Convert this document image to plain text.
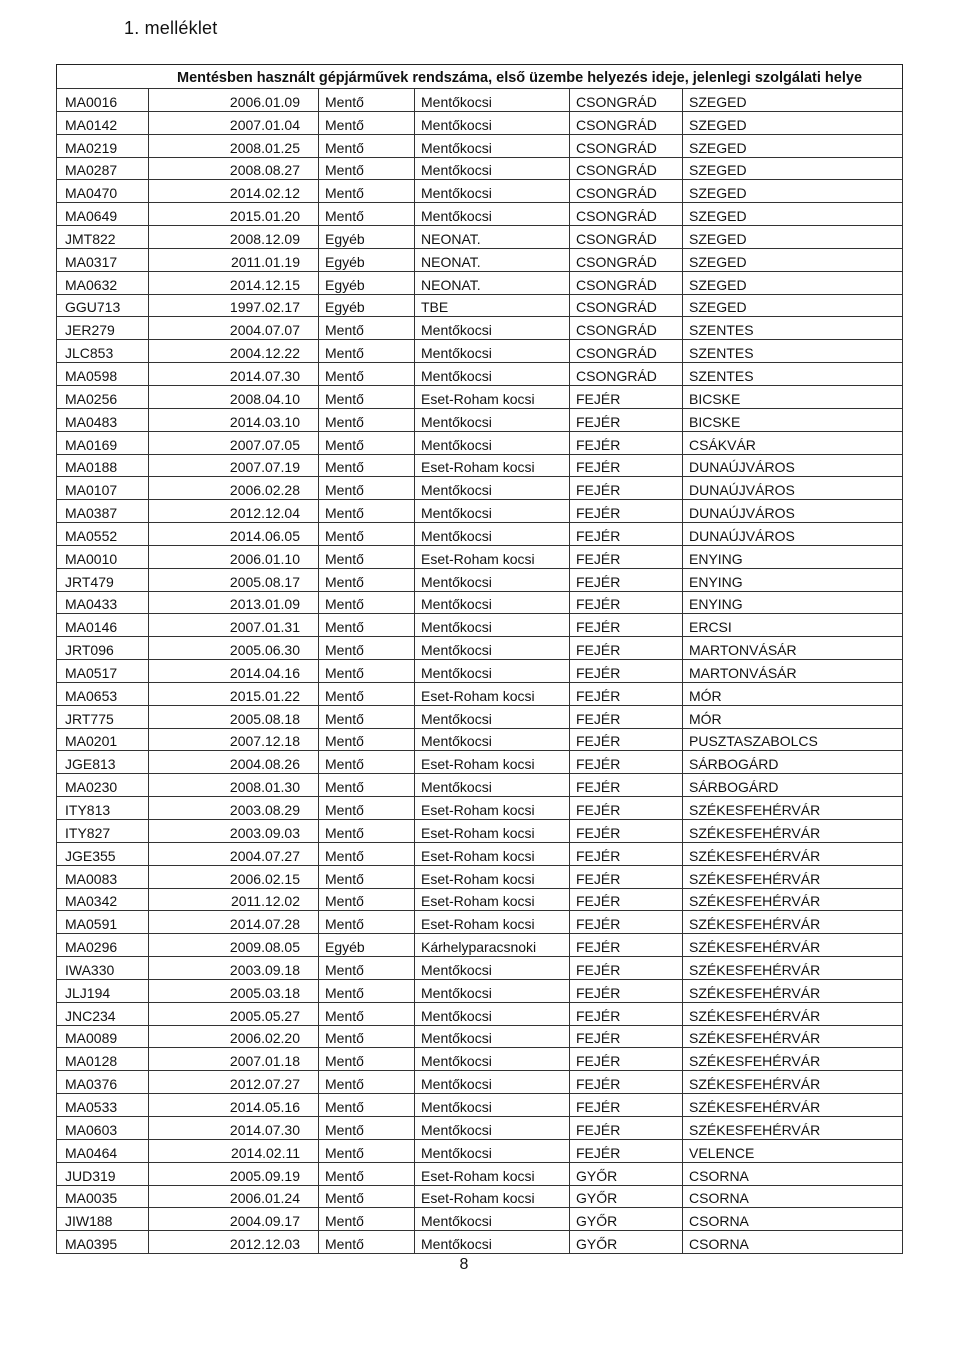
1. melléklet
Mentésben használt gépjárművek rendszáma, első üzembe helyezés ideje, jelenlegi szolgálati helye					
MA0016	2006.01.09	Mentő	Mentőkocsi	CSONGRÁD	SZEGED
MA0142	2007.01.04	Mentő	Mentőkocsi	CSONGRÁD	SZEGED
MA0219	2008.01.25	Mentő	Mentőkocsi	CSONGRÁD	SZEGED
MA0287	2008.08.27	Mentő	Mentőkocsi	CSONGRÁD	SZEGED
MA0470	2014.02.12	Mentő	Mentőkocsi	CSONGRÁD	SZEGED
MA0649	2015.01.20	Mentő	Mentőkocsi	CSONGRÁD	SZEGED
JMT822	2008.12.09	Egyéb	NEONAT.	CSONGRÁD	SZEGED
MA0317	2011.01.19	Egyéb	NEONAT.	CSONGRÁD	SZEGED
MA0632	2014.12.15	Egyéb	NEONAT.	CSONGRÁD	SZEGED
GGU713	1997.02.17	Egyéb	TBE	CSONGRÁD	SZEGED
JER279	2004.07.07	Mentő	Mentőkocsi	CSONGRÁD	SZENTES
JLC853	2004.12.22	Mentő	Mentőkocsi	CSONGRÁD	SZENTES
MA0598	2014.07.30	Mentő	Mentőkocsi	CSONGRÁD	SZENTES
MA0256	2008.04.10	Mentő	Eset-Roham kocsi	FEJÉR	BICSKE
MA0483	2014.03.10	Mentő	Mentőkocsi	FEJÉR	BICSKE
MA0169	2007.07.05	Mentő	Mentőkocsi	FEJÉR	CSÁKVÁR
MA0188	2007.07.19	Mentő	Eset-Roham kocsi	FEJÉR	DUNAÚJVÁROS
MA0107	2006.02.28	Mentő	Mentőkocsi	FEJÉR	DUNAÚJVÁROS
MA0387	2012.12.04	Mentő	Mentőkocsi	FEJÉR	DUNAÚJVÁROS
MA0552	2014.06.05	Mentő	Mentőkocsi	FEJÉR	DUNAÚJVÁROS
MA0010	2006.01.10	Mentő	Eset-Roham kocsi	FEJÉR	ENYING
JRT479	2005.08.17	Mentő	Mentőkocsi	FEJÉR	ENYING
MA0433	2013.01.09	Mentő	Mentőkocsi	FEJÉR	ENYING
MA0146	2007.01.31	Mentő	Mentőkocsi	FEJÉR	ERCSI
JRT096	2005.06.30	Mentő	Mentőkocsi	FEJÉR	MARTONVÁSÁR
MA0517	2014.04.16	Mentő	Mentőkocsi	FEJÉR	MARTONVÁSÁR
MA0653	2015.01.22	Mentő	Eset-Roham kocsi	FEJÉR	MÓR
JRT775	2005.08.18	Mentő	Mentőkocsi	FEJÉR	MÓR
MA0201	2007.12.18	Mentő	Mentőkocsi	FEJÉR	PUSZTASZABOLCS
JGE813	2004.08.26	Mentő	Eset-Roham kocsi	FEJÉR	SÁRBOGÁRD
MA0230	2008.01.30	Mentő	Mentőkocsi	FEJÉR	SÁRBOGÁRD
ITY813	2003.08.29	Mentő	Eset-Roham kocsi	FEJÉR	SZÉKESFEHÉRVÁR
ITY827	2003.09.03	Mentő	Eset-Roham kocsi	FEJÉR	SZÉKESFEHÉRVÁR
JGE355	2004.07.27	Mentő	Eset-Roham kocsi	FEJÉR	SZÉKESFEHÉRVÁR
MA0083	2006.02.15	Mentő	Eset-Roham kocsi	FEJÉR	SZÉKESFEHÉRVÁR
MA0342	2011.12.02	Mentő	Eset-Roham kocsi	FEJÉR	SZÉKESFEHÉRVÁR
MA0591	2014.07.28	Mentő	Eset-Roham kocsi	FEJÉR	SZÉKESFEHÉRVÁR
MA0296	2009.08.05	Egyéb	Kárhelyparacsnoki	FEJÉR	SZÉKESFEHÉRVÁR
IWA330	2003.09.18	Mentő	Mentőkocsi	FEJÉR	SZÉKESFEHÉRVÁR
JLJ194	2005.03.18	Mentő	Mentőkocsi	FEJÉR	SZÉKESFEHÉRVÁR
JNC234	2005.05.27	Mentő	Mentőkocsi	FEJÉR	SZÉKESFEHÉRVÁR
MA0089	2006.02.20	Mentő	Mentőkocsi	FEJÉR	SZÉKESFEHÉRVÁR
MA0128	2007.01.18	Mentő	Mentőkocsi	FEJÉR	SZÉKESFEHÉRVÁR
MA0376	2012.07.27	Mentő	Mentőkocsi	FEJÉR	SZÉKESFEHÉRVÁR
MA0533	2014.05.16	Mentő	Mentőkocsi	FEJÉR	SZÉKESFEHÉRVÁR
MA0603	2014.07.30	Mentő	Mentőkocsi	FEJÉR	SZÉKESFEHÉRVÁR
MA0464	2014.02.11	Mentő	Mentőkocsi	FEJÉR	VELENCE
JUD319	2005.09.19	Mentő	Eset-Roham kocsi	GYŐR	CSORNA
MA0035	2006.01.24	Mentő	Eset-Roham kocsi	GYŐR	CSORNA
JIW188	2004.09.17	Mentő	Mentőkocsi	GYŐR	CSORNA
MA0395	2012.12.03	Mentő	Mentőkocsi	GYŐR	CSORNA
8
